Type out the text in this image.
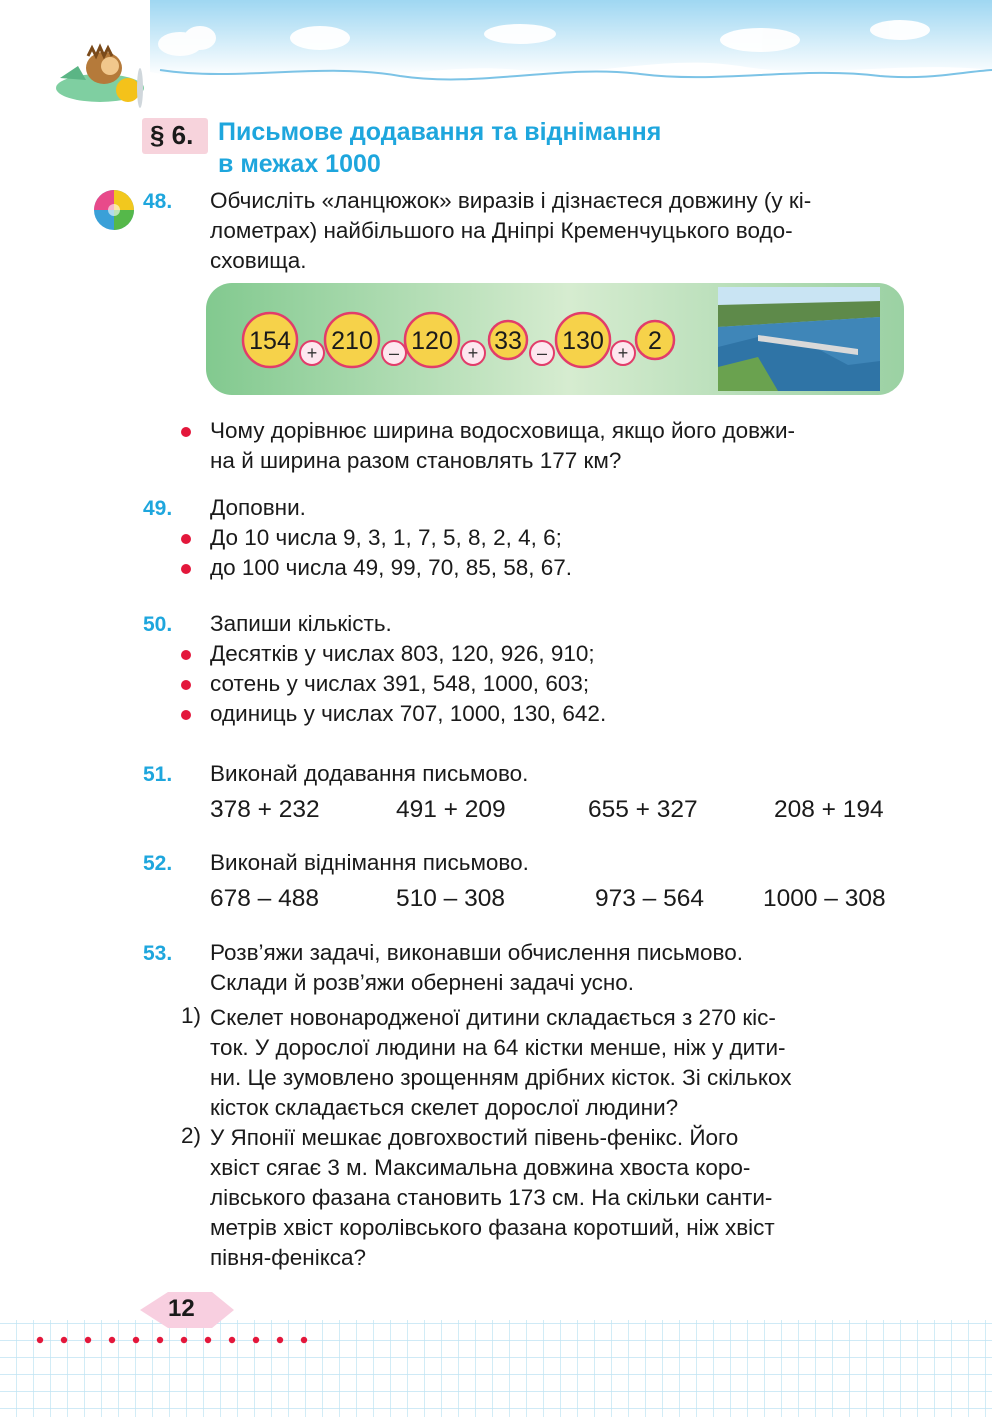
§ 6. Письмове додавання та віднімання
в межах 1000
48. Обчисліть «ланцюжок» виразів і дізнаєтеся довжину (у кі-
лометрах) найбільшого на Дніпрі Кременчуцького водо-
сховища.
+	–	+	–	+
154 210 120 33 130 2
Чому дорівнює ширина водосховища, якщо його довжи-
на й ширина разом становлять 177 км?
49. Доповни.
До 10 числа 9, 3, 1, 7, 5, 8, 2, 4, 6;
до 100 числа 49, 99, 70, 85, 58, 67.
50. Запиши кількість.
Десятків у числах 803, 120, 926, 910;
сотень у числах 391, 548, 1000, 603;
одиниць у числах 707, 1000, 130, 642.
51. Виконай додавання письмово.
378 + 232	491 + 209	655 + 327	208 + 194
52. Виконай віднімання письмово.
678 – 488	510 – 308	973 – 564 1000 – 308
53. Розв’яжи задачі, виконавши обчислення письмово.
Склади й розв’яжи обернені задачі усно.
1) Скелет новонародженої дитини складається з 270 кіс-
ток. У дорослої людини на 64 кістки менше, ніж у дити-
ни. Це зумовлено зрощенням дрібних кісток. Зі скількох
кісток складається скелет дорослої людини?
2) У Японії мешкає довгохвостий півень-фенікс. Його
хвіст сягає 3 м. Максимальна довжина хвоста коро-
лівського фазана становить 173 см. На скільки санти-
метрів хвіст королівського фазана коротший, ніж хвіст
півня-фенікса?
12
